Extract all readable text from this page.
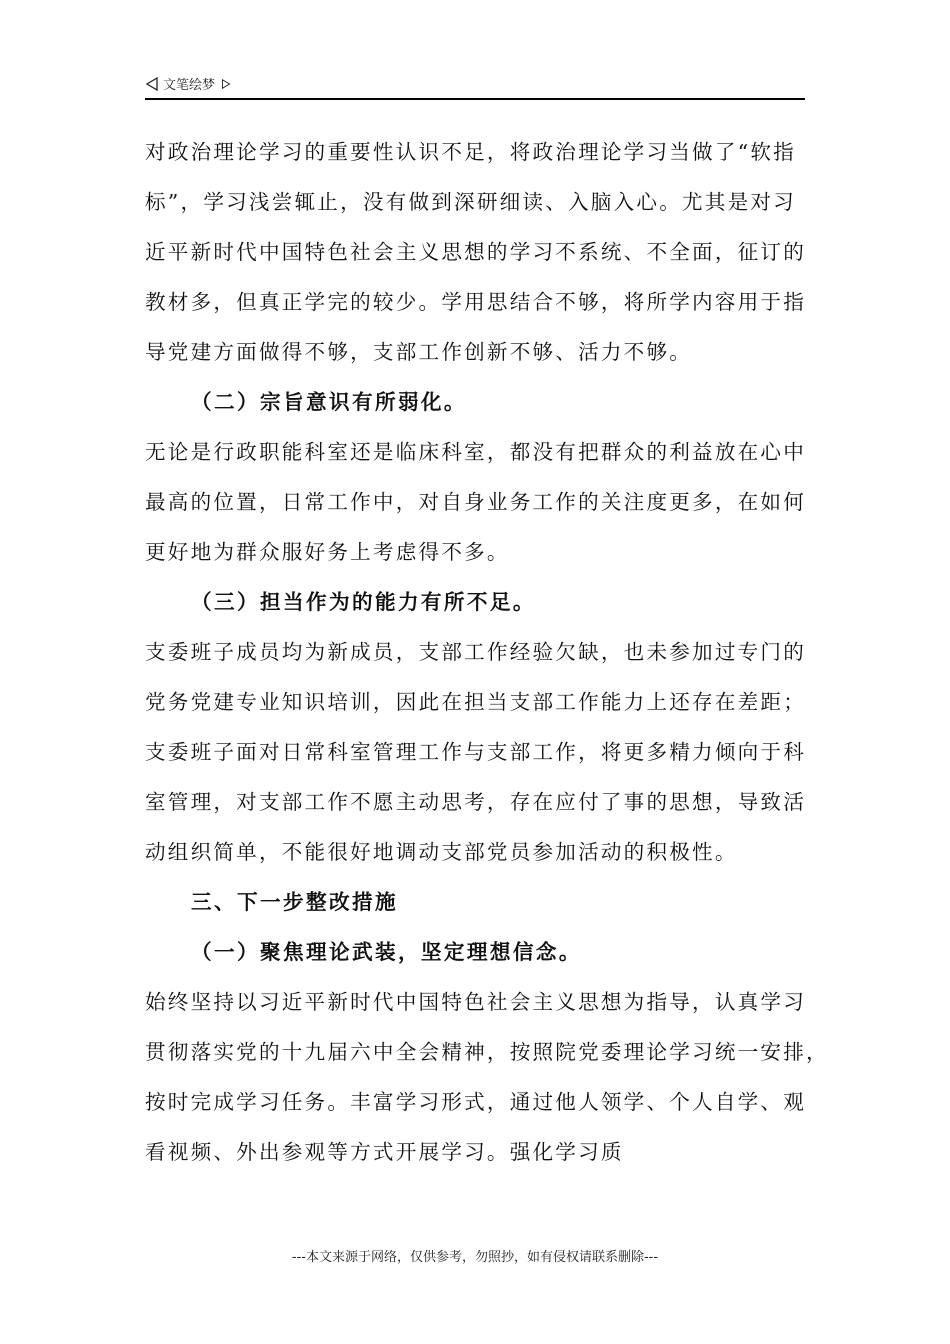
文笔绘梦
对政治理论学习的重要性认识不足，将政治理论学习当做了“软指
标”，学习浅尝辄止，没有做到深研细读、入脑入心。尤其是对习
近平新时代中国特色社会主义思想的学习不系统、不全面，征订的
教材多，但真正学完的较少。学用思结合不够，将所学内容用于指
导党建方面做得不够，支部工作创新不够、活力不够。
（二）宗旨意识有所弱化。
无论是行政职能科室还是临床科室，都没有把群众的利益放在心中
最高的位置，日常工作中，对自身业务工作的关注度更多，在如何
更好地为群众服好务上考虑得不多。
（三）担当作为的能力有所不足。
支委班子成员均为新成员，支部工作经验欠缺，也未参加过专门的
党务党建专业知识培训，因此在担当支部工作能力上还存在差距；
支委班子面对日常科室管理工作与支部工作，将更多精力倾向于科
室管理，对支部工作不愿主动思考，存在应付了事的思想，导致活
动组织简单，不能很好地调动支部党员参加活动的积极性。
三、下一步整改措施
（一）聚焦理论武装，坚定理想信念。
始终坚持以习近平新时代中国特色社会主义思想为指导，认真学习
贯彻落实党的十九届六中全会精神，按照院党委理论学习统一安排，
按时完成学习任务。丰富学习形式，通过他人领学、个人自学、观
看视频、外出参观等方式开展学习。强化学习质
---本文来源于网络，仅供参考，勿照抄，如有侵权请联系删除---
